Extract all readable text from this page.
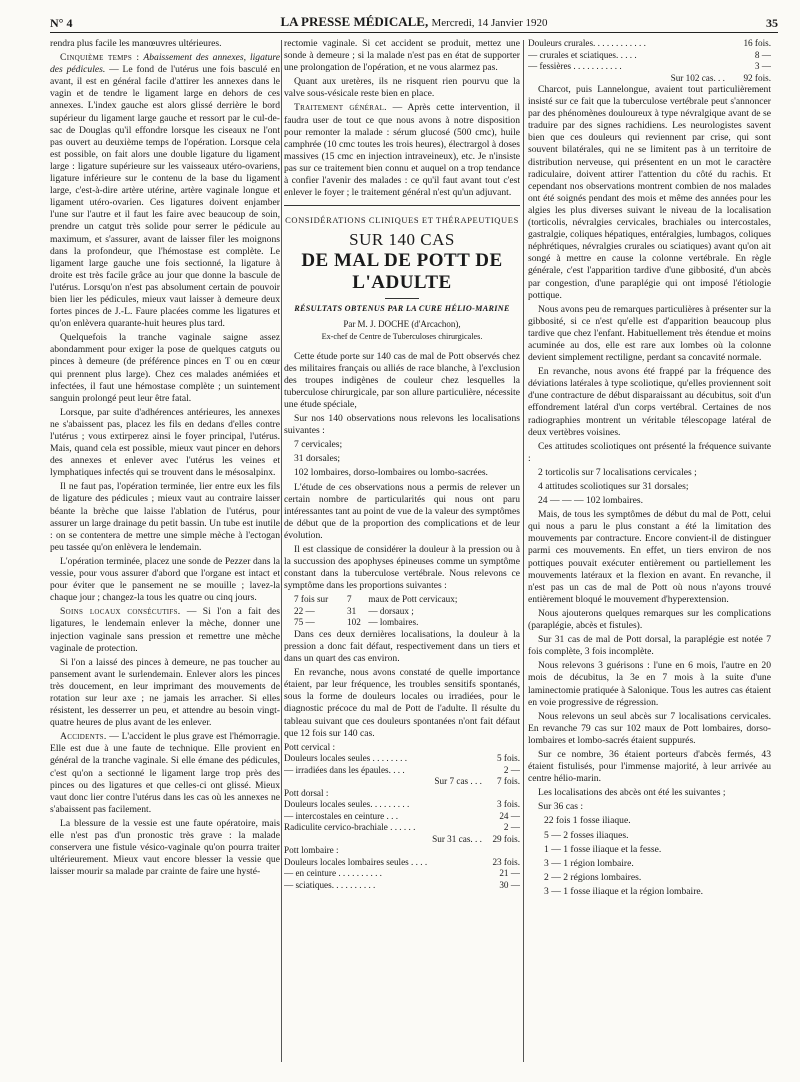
N° 4	LA PRESSE MÉDICALE, Mercredi, 14 Janvier 1920	35

rendra plus facile les manœuvres ultérieures.

Cinquième temps : Abaissement des annexes, ligature des pédicules. — Le fond de l'utérus une fois basculé en avant, il est en général facile d'attirer les annexes dans le vagin et de tendre le ligament large en dehors de ces annexes. L'index gauche est alors glissé derrière le bord supérieur du ligament large gauche et ressort par le cul-de-sac de Douglas qu'il effondre lorsque les ciseaux ne l'ont pas ouvert au deuxième temps de l'opération. Lorsque cela est possible, on fait alors une double ligature du ligament large : ligature supérieure sur les vaisseaux utéro-ovariens, ligature inférieure sur le contenu de la base du ligament large, c'est-à-dire artère utérine, artère vaginale longue et ligament utéro-ovarien. Ces ligatures doivent enjamber l'une sur l'autre et il faut les faire avec beaucoup de soin, prendre un catgut très solide pour serrer le pédicule au maximum, et s'assurer, avant de laisser filer les moignons dans la profondeur, que l'hémostase est complète. Le ligament large gauche une fois sectionné, la ligature à droite est très facile grâce au jour que donne la bascule de l'utérus. Lorsqu'on n'est pas absolument certain de pouvoir bien lier les pédicules, mieux vaut laisser à demeure deux fortes pinces de J.-L. Faure placées comme les ligatures et qu'on enlèvera quarante-huit heures plus tard.

Quelquefois la tranche vaginale saigne assez abondamment pour exiger la pose de quelques catguts ou pinces à demeure (de préférence pinces en T ou en cœur qui prennent plus large). Chez ces malades anémiées et infectées, il faut une hémostase complète ; un suintement sanguin prolongé peut leur être fatal.

Lorsque, par suite d'adhérences antérieures, les annexes ne s'abaissent pas, placez les fils en dedans d'elles contre l'utérus ; vous extirperez ainsi le foyer principal, l'utérus. Mais, quand cela est possible, mieux vaut pincer en dehors des annexes et enlever avec l'utérus les veines et lymphatiques infectés qui se trouvent dans le mésosalpinx.

Il ne faut pas, l'opération terminée, lier entre eux les fils de ligature des pédicules ; mieux vaut au contraire laisser béante la brèche que laisse l'ablation de l'utérus, pour assurer un large drainage du petit bassin. Un tube est inutile : on se contentera de mettre une simple mèche à l'ectogan peu tassée qu'on enlèvera le lendemain.

L'opération terminée, placez une sonde de Pezzer dans la vessie, pour vous assurer d'abord que l'organe est intact et pour éviter que le pansement ne se mouille ; lavez-la chaque jour ; changez-la tous les quatre ou cinq jours.

Soins locaux consécutifs. — Si l'on a fait des ligatures, le lendemain enlever la mèche, donner une injection vaginale sans pression et remettre une mèche vaginale de protection.

Si l'on a laissé des pinces à demeure, ne pas toucher au pansement avant le surlendemain. Enlever alors les pinces très doucement, en leur imprimant des mouvements de rotation sur leur axe ; ne jamais les arracher. Si elles résistent, les desserrer un peu, et attendre au besoin vingt-quatre heures de plus avant de les enlever.

Accidents. — L'accident le plus grave est l'hémorragie. Elle est due à une faute de technique. Elle provient en général de la tranche vaginale. Si elle émane des pédicules, c'est qu'on a sectionné le ligament large trop près des pinces ou des ligatures et que celles-ci ont glissé. Mieux vaut donc lier contre l'utérus dans les cas où les annexes ne s'abaissent pas facilement.

La blessure de la vessie est une faute opératoire, mais elle n'est pas d'un pronostic très grave : la malade conservera une fistule vésico-vaginale qu'on pourra traiter ultérieurement. Mieux vaut encore blesser la vessie que laisser mourir sa malade par crainte de faire une hysté-

rectomie vaginale. Si cet accident se produit, mettez une sonde à demeure ; si la malade n'est pas en état de supporter une prolongation de l'opération, et ne vous alarmez pas.

Quant aux uretères, ils ne risquent rien pourvu que la valve sous-vésicale reste bien en place.

Traitement général. — Après cette intervention, il faudra user de tout ce que nous avons à notre disposition pour remonter la malade : sérum glucosé (500 cmc), huile camphrée (10 cmc toutes les trois heures), électrargol à doses massives (15 cmc en injection intraveineux), etc. Je n'insiste pas sur ce traitement bien connu et auquel on a trop tendance à confier l'avenir des malades : ce qu'il faut avant tout c'est enlever le foyer ; le traitement général n'est qu'un adjuvant.

CONSIDÉRATIONS CLINIQUES ET THÉRAPEUTIQUES
SUR 140 CAS
DE MAL DE POTT DE L'ADULTE
RÉSULTATS OBTENUS PAR LA CURE HÉLIO-MARINE
Par M. J. DOCHE (d'Arcachon),
Ex-chef de Centre de Tuberculoses chirurgicales.

Cette étude porte sur 140 cas de mal de Pott observés chez des militaires français ou alliés de race blanche, à l'exclusion des troupes indigènes de couleur chez lesquelles la tuberculose chirurgicale, par son allure particulière, nécessite une étude spéciale,

Sur nos 140 observations nous relevons les localisations suivantes :

7 cervicales;

31 dorsales;

102 lombaires, dorso-lombaires ou lombo-sacrées.

L'étude de ces observations nous a permis de relever un certain nombre de particularités qui nous ont paru intéressantes tant au point de vue de la valeur des symptômes de début que de la proportion des complications et de leur évolution.

Il est classique de considérer la douleur à la pression ou à la succussion des apophyses épineuses comme un symptôme constant dans la tuberculose vertébrale. Nous relevons ce symptôme dans les proportions suivantes :

7 fois sur	7	maux de Pott cervicaux;
22 —	31	— dorsaux ;
75 —	102	— lombaires.

Dans ces deux dernières localisations, la douleur à la pression a donc fait défaut, respectivement dans un tiers et dans un quart des cas environ.

En revanche, nous avons constaté de quelle importance étaient, par leur fréquence, les troubles sensitifs spontanés, sous la forme de douleurs locales ou irradiées, pour le diagnostic précoce du mal de Pott de l'adulte. Il résulte du tableau suivant que ces douleurs spontanées n'ont fait défaut que 12 fois sur 140 cas.

Pott cervical :	
Douleurs locales seules . . . . . . . .	5 fois.
— irradiées dans les épaules. . . .	2 —
Sur 7 cas . . .	7 fois.
Pott dorsal :	
Douleurs locales seules. . . . . . . . .	3 fois.
— intercostales en ceinture . . .	24 —
Radiculite cervico-brachiale . . . . . .	2 —
Sur 31 cas. . .	29 fois.
Pott lombaire :	
Douleurs locales lombaires seules . . . .	23 fois.
— en ceinture . . . . . . . . . .	21 —
— sciatiques. . . . . . . . . .	30 —
Douleurs crurales. . . . . . . . . . . .	16 fois.
— crurales et sciatiques. . . . .	8 —
— fessières . . . . . . . . . . .	3 —
Sur 102 cas. . .	92 fois.

Charcot, puis Lannelongue, avaient tout particulièrement insisté sur ce fait que la tuberculose vertébrale peut s'annoncer par des phénomènes douloureux à type névralgique avant de se traduire par des signes rachidiens. Les neurologistes savent bien que ces douleurs qui reviennent par crise, qui sont souvent bilatérales, qui ne se limitent pas à un territoire de distribution nerveuse, qui présentent en un mot le caractère radiculaire, doivent attirer l'attention du côté du rachis. Et cependant nos observations montrent combien de nos malades ont été soignés pendant des mois et même des années pour les algies les plus diverses suivant le niveau de la localisation (torticolis, névralgies cervicales, brachiales ou intercostales, gastralgie, coliques hépatiques, entéralgies, lumbagos, coliques néphrétiques, névralgies crurales ou sciatiques) avant qu'on ait songé à mettre en cause la colonne vertébrale. En règle générale, c'est l'apparition tardive d'une gibbosité, d'un abcès par congestion, d'une paraplégie qui ont imposé l'étiologie pottique.

Nous avons peu de remarques particulières à présenter sur la gibbosité, si ce n'est qu'elle est d'apparition beaucoup plus tardive que chez l'enfant. Habituellement très étendue et moins acuminée au dos, elle est rare aux lombes où la colonne devient simplement rectiligne, perdant sa concavité normale.

En revanche, nous avons été frappé par la fréquence des déviations latérales à type scoliotique, qu'elles proviennent soit d'une contracture de début disparaissant au décubitus, soit d'un effondrement latéral d'un corps vertébral. Certaines de nos radiographies montrent un véritable télescopage latéral de deux vertèbres voisines.

Ces attitudes scoliotiques ont présenté la fréquence suivante :

2 torticolis sur 7 localisations cervicales ;

4 attitudes scoliotiques sur 31 dorsales;

24 — — — 102 lombaires.

Mais, de tous les symptômes de début du mal de Pott, celui qui nous a paru le plus constant a été la limitation des mouvements par contracture. Encore convient-il de distinguer parmi ces mouvements. En effet, un tiers environ de nos pottiques pouvait exécuter entièrement ou partiellement les mouvements latéraux et la flexion en avant. En revanche, il n'est pas un cas de mal de Pott où nous n'ayons trouvé entièrement bloqué le mouvement d'hyperextension.

Nous ajouterons quelques remarques sur les complications (paraplégie, abcès et fistules).

Sur 31 cas de mal de Pott dorsal, la paraplégie est notée 7 fois complète, 3 fois incomplète.

Nous relevons 3 guérisons : l'une en 6 mois, l'autre en 20 mois de décubitus, la 3e en 7 mois à la suite d'une laminectomie pratiquée à Salonique. Tous les autres cas étaient en voie progressive de régression.

Nous relevons un seul abcès sur 7 localisations cervicales. En revanche 79 cas sur 102 maux de Pott lombaires, dorso-lombaires et lombo-sacrés étaient suppurés.

Sur ce nombre, 36 étaient porteurs d'abcès fermés, 43 étaient fistulisés, pour l'immense majorité, à leur arrivée au centre hélio-marin.

Les localisations des abcès ont été les suivantes ;

Sur 36 cas :

22 fois 1 fosse iliaque.

5 — 2 fosses iliaques.

1 — 1 fosse iliaque et la fesse.

3 — 1 région lombaire.

2 — 2 régions lombaires.

3 — 1 fosse iliaque et la région lombaire.
